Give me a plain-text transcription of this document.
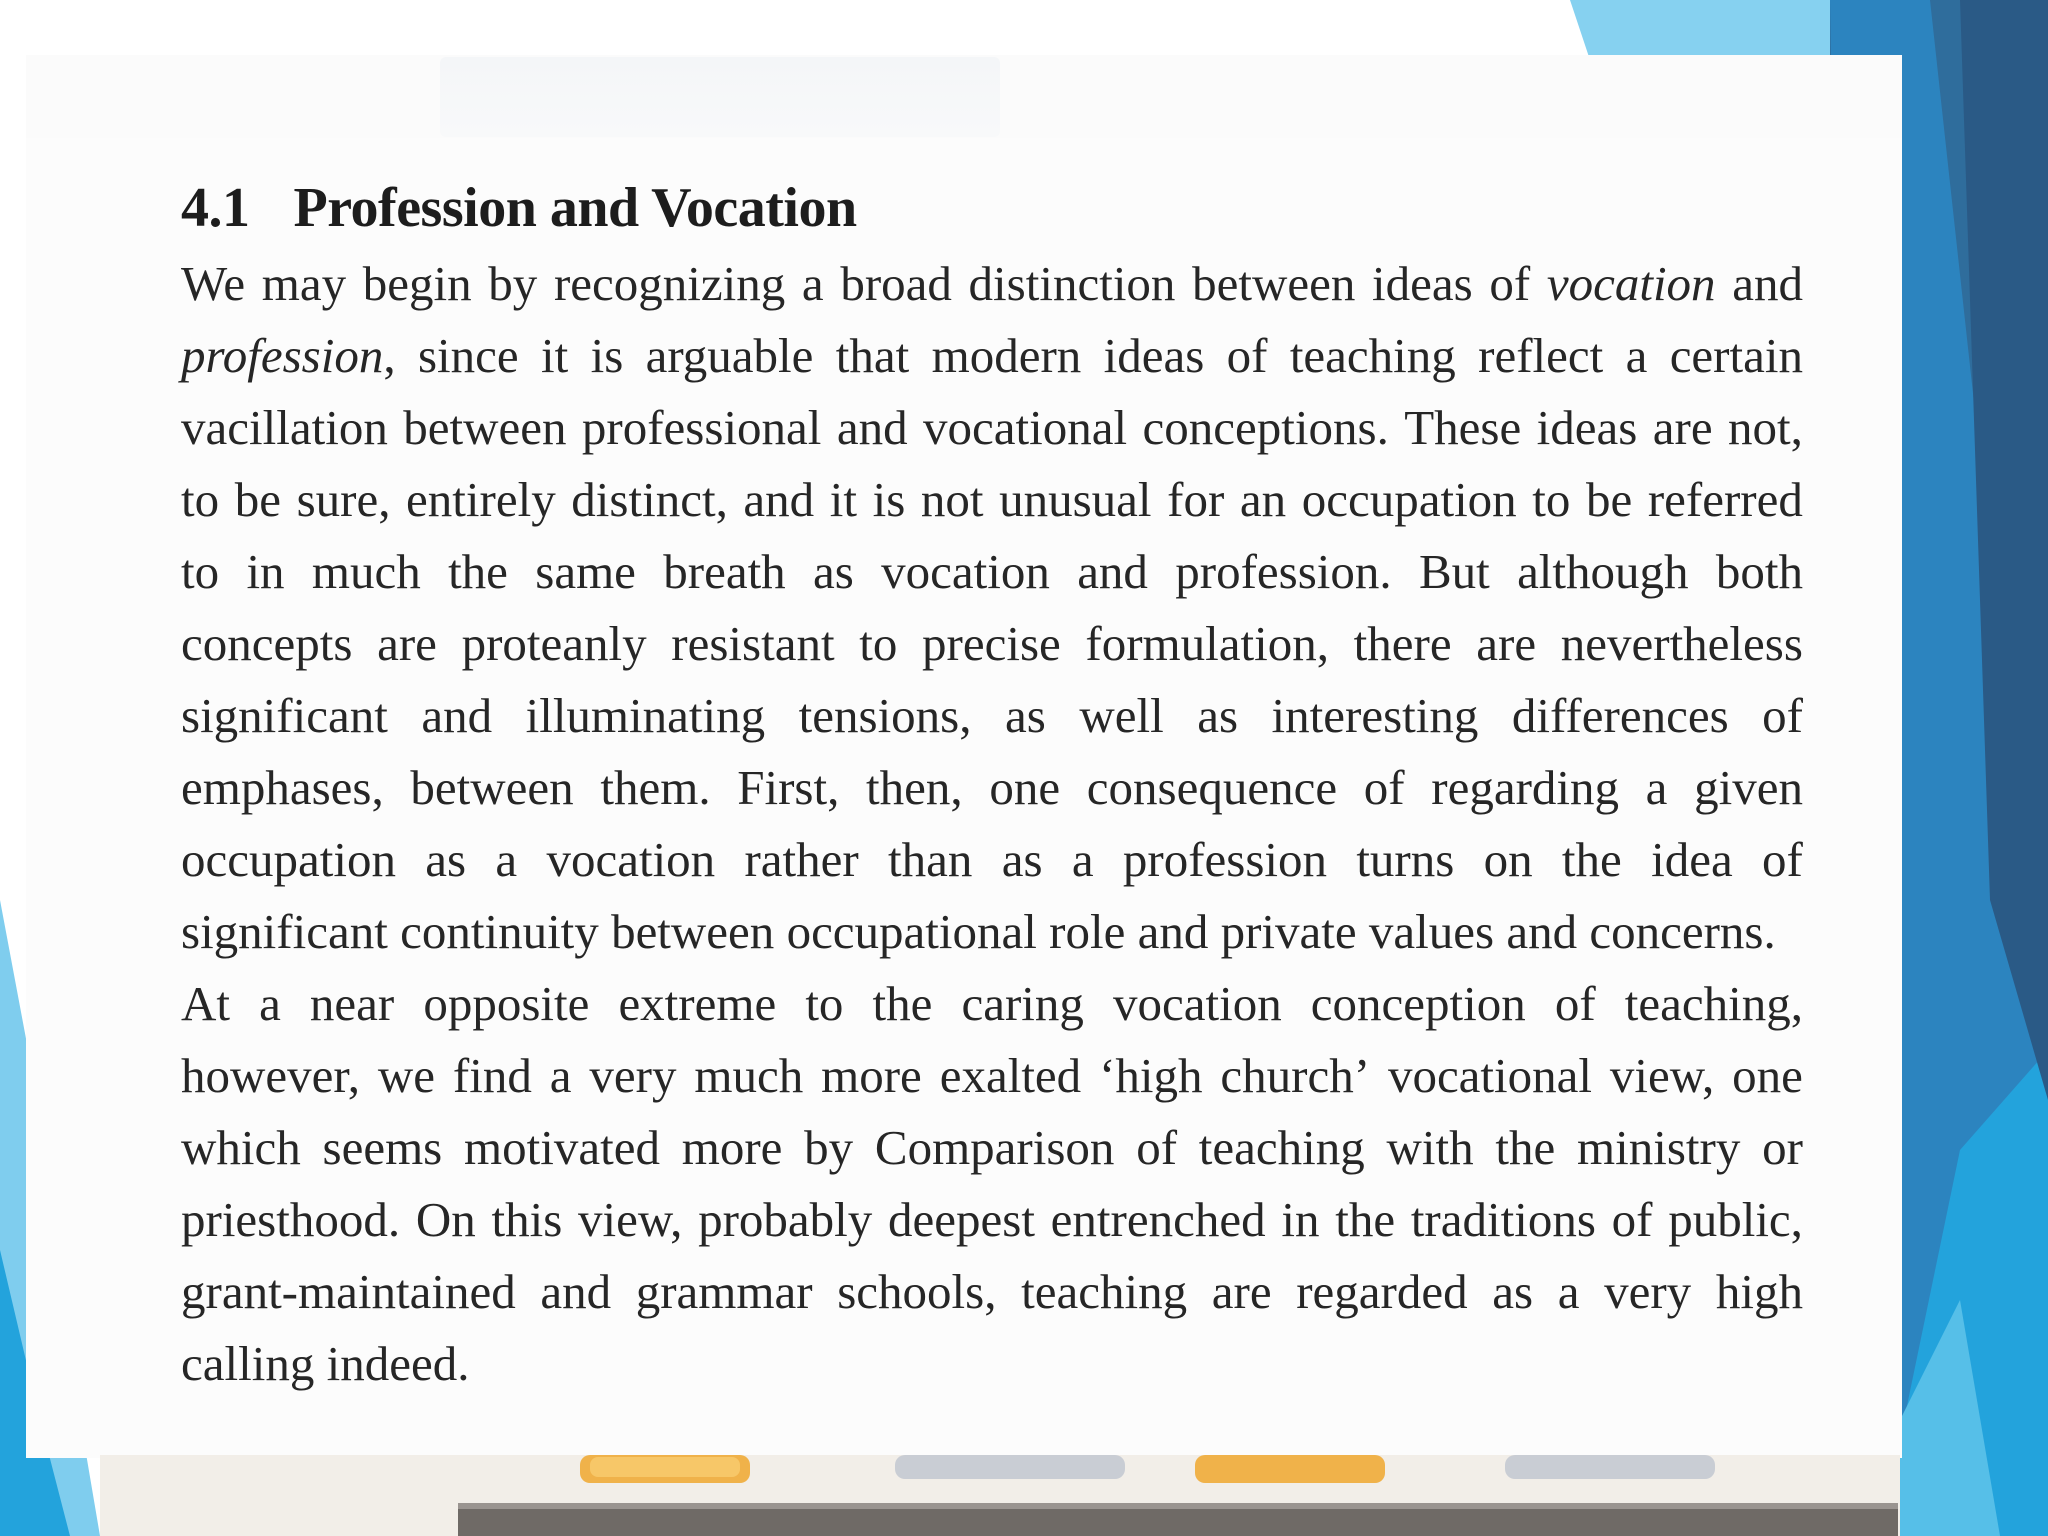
4.1 Profession and Vocation
We may begin by recognizing a broad distinction between ideas of vocation and
profession, since it is arguable that modern ideas of teaching reflect a certain
vacillation between professional and vocational conceptions. These ideas are not,
to be sure, entirely distinct, and it is not unusual for an occupation to be referred
to in much the same breath as vocation and profession. But although both
concepts are proteanly resistant to precise formulation, there are nevertheless
significant and illuminating tensions, as well as interesting differences of
emphases, between them. First, then, one consequence of regarding a given
occupation as a vocation rather than as a profession turns on the idea of
significant continuity between occupational role and private values and concerns.
At a near opposite extreme to the caring vocation conception of teaching,
however, we find a very much more exalted ‘high church’ vocational view, one
which seems motivated more by Comparison of teaching with the ministry or
priesthood. On this view, probably deepest entrenched in the traditions of public,
grant-maintained and grammar schools, teaching are regarded as a very high
calling indeed.
